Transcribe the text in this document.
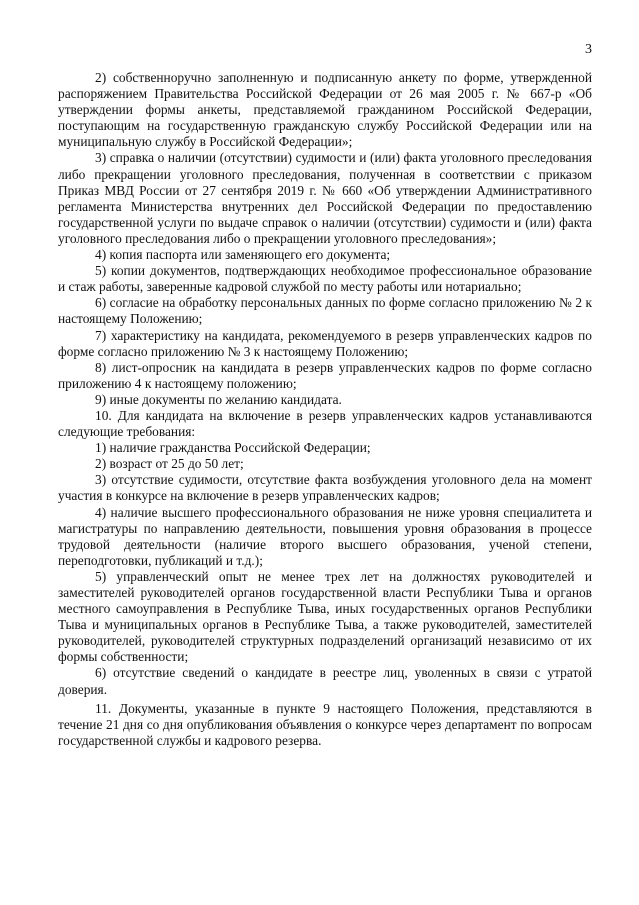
3

2) собственноручно заполненную и подписанную анкету по форме, утвержденной распоряжением Правительства Российской Федерации от 26 мая 2005 г. № 667-р «Об утверждении формы анкеты, представляемой гражданином Российской Федерации, поступающим на государственную гражданскую службу Российской Федерации или на муниципальную службу в Российской Федерации»;

3) справка о наличии (отсутствии) судимости и (или) факта уголовного преследования либо прекращении уголовного преследования, полученная в соответствии с приказом Приказ МВД России от 27 сентября 2019 г. № 660 «Об утверждении Административного регламента Министерства внутренних дел Российской Федерации по предоставлению государственной услуги по выдаче справок о наличии (отсутствии) судимости и (или) факта уголовного преследования либо о прекращении уголовного преследования»;

4) копия паспорта или заменяющего его документа;

5) копии документов, подтверждающих необходимое профессиональное образование и стаж работы, заверенные кадровой службой по месту работы или нотариально;

6) согласие на обработку персональных данных по форме согласно приложению № 2 к настоящему Положению;

7) характеристику на кандидата, рекомендуемого в резерв управленческих кадров по форме согласно приложению № 3 к настоящему Положению;

8) лист-опросник на кандидата в резерв управленческих кадров по форме согласно приложению 4 к настоящему положению;

9) иные документы по желанию кандидата.

10. Для кандидата на включение в резерв управленческих кадров устанавливаются следующие требования:

1) наличие гражданства Российской Федерации;

2) возраст от 25 до 50 лет;

3) отсутствие судимости, отсутствие факта возбуждения уголовного дела на момент участия в конкурсе на включение в резерв управленческих кадров;

4) наличие высшего профессионального образования не ниже уровня специалитета и магистратуры по направлению деятельности, повышения уровня образования в процессе трудовой деятельности (наличие второго высшего образования, ученой степени, переподготовки, публикаций и т.д.);

5) управленческий опыт не менее трех лет на должностях руководителей и заместителей руководителей органов государственной власти Республики Тыва и органов местного самоуправления в Республике Тыва, иных государственных органов Республики Тыва и муниципальных органов в Республике Тыва, а также руководителей, заместителей руководителей, руководителей структурных подразделений организаций независимо от их формы собственности;

6) отсутствие сведений о кандидате в реестре лиц, уволенных в связи с утратой доверия.

11. Документы, указанные в пункте 9 настоящего Положения, представляются в течение 21 дня со дня опубликования объявления о конкурсе через департамент по вопросам государственной службы и кадрового резерва.
